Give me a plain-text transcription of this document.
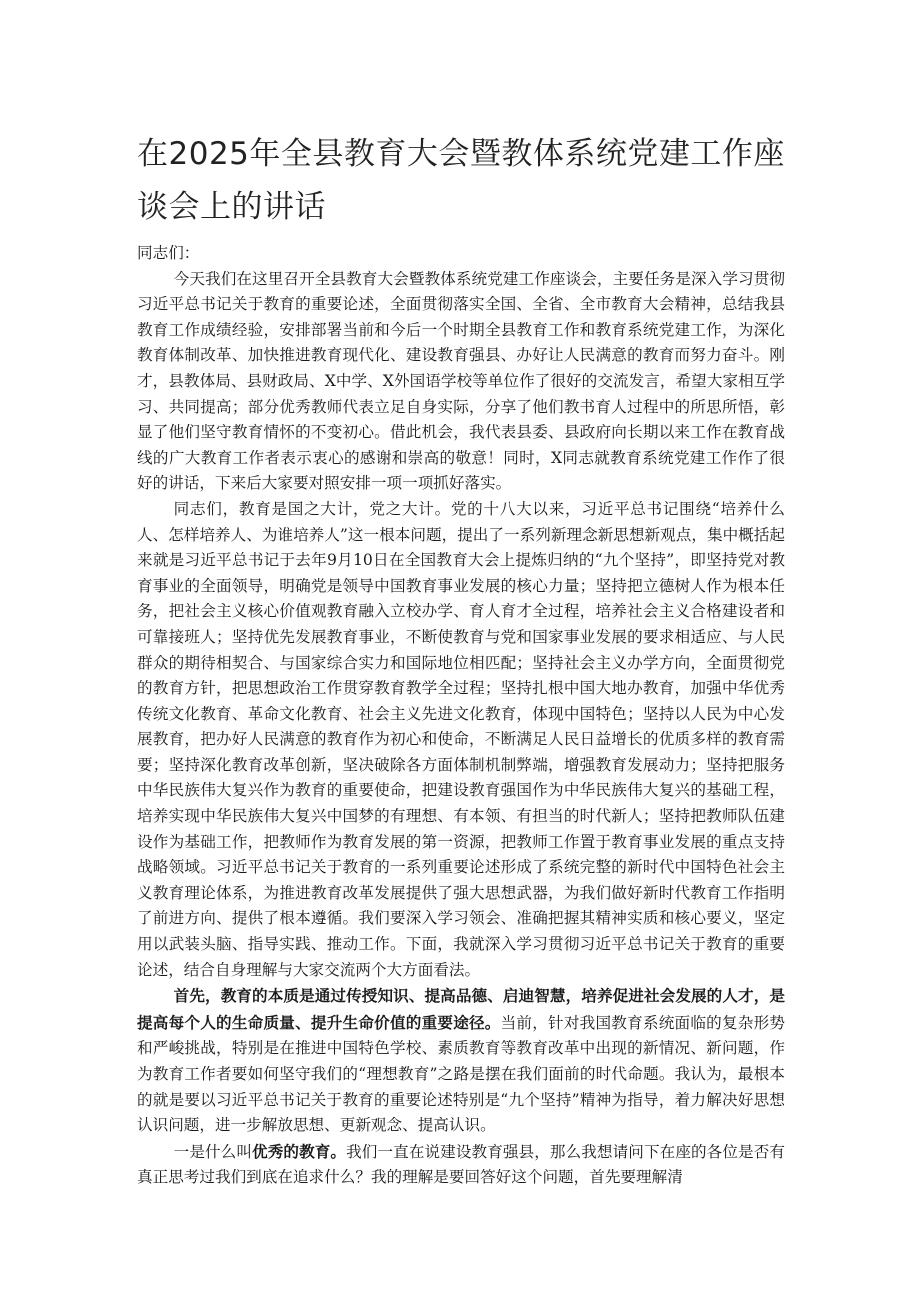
在2025年全县教育大会暨教体系统党建工作座谈会上的讲话

同志们：

今天我们在这里召开全县教育大会暨教体系统党建工作座谈会，主要任务是深入学习贯彻习近平总书记关于教育的重要论述，全面贯彻落实全国、全省、全市教育大会精神，总结我县教育工作成绩经验，安排部署当前和今后一个时期全县教育工作和教育系统党建工作，为深化教育体制改革、加快推进教育现代化、建设教育强县、办好让人民满意的教育而努力奋斗。刚才，县教体局、县财政局、X中学、X外国语学校等单位作了很好的交流发言，希望大家相互学习、共同提高；部分优秀教师代表立足自身实际，分享了他们教书育人过程中的所思所悟，彰显了他们坚守教育情怀的不变初心。借此机会，我代表县委、县政府向长期以来工作在教育战线的广大教育工作者表示衷心的感谢和崇高的敬意！同时，X同志就教育系统党建工作作了很好的讲话，下来后大家要对照安排一项一项抓好落实。

同志们，教育是国之大计，党之大计。党的十八大以来，习近平总书记围绕“培养什么人、怎样培养人、为谁培养人”这一根本问题，提出了一系列新理念新思想新观点，集中概括起来就是习近平总书记于去年9月10日在全国教育大会上提炼归纳的“九个坚持”，即坚持党对教育事业的全面领导，明确党是领导中国教育事业发展的核心力量；坚持把立德树人作为根本任务，把社会主义核心价值观教育融入立校办学、育人育才全过程，培养社会主义合格建设者和可靠接班人；坚持优先发展教育事业，不断使教育与党和国家事业发展的要求相适应、与人民群众的期待相契合、与国家综合实力和国际地位相匹配；坚持社会主义办学方向，全面贯彻党的教育方针，把思想政治工作贯穿教育教学全过程；坚持扎根中国大地办教育，加强中华优秀传统文化教育、革命文化教育、社会主义先进文化教育，体现中国特色；坚持以人民为中心发展教育，把办好人民满意的教育作为初心和使命，不断满足人民日益增长的优质多样的教育需要；坚持深化教育改革创新，坚决破除各方面体制机制弊端，增强教育发展动力；坚持把服务中华民族伟大复兴作为教育的重要使命，把建设教育强国作为中华民族伟大复兴的基础工程，培养实现中华民族伟大复兴中国梦的有理想、有本领、有担当的时代新人；坚持把教师队伍建设作为基础工作，把教师作为教育发展的第一资源，把教师工作置于教育事业发展的重点支持战略领域。习近平总书记关于教育的一系列重要论述形成了系统完整的新时代中国特色社会主义教育理论体系，为推进教育改革发展提供了强大思想武器，为我们做好新时代教育工作指明了前进方向、提供了根本遵循。我们要深入学习领会、准确把握其精神实质和核心要义，坚定用以武装头脑、指导实践、推动工作。下面，我就深入学习贯彻习近平总书记关于教育的重要论述，结合自身理解与大家交流两个大方面看法。

首先，教育的本质是通过传授知识、提高品德、启迪智慧，培养促进社会发展的人才，是提高每个人的生命质量、提升生命价值的重要途径。当前，针对我国教育系统面临的复杂形势和严峻挑战，特别是在推进中国特色学校、素质教育等教育改革中出现的新情况、新问题，作为教育工作者要如何坚守我们的“理想教育”之路是摆在我们面前的时代命题。我认为，最根本的就是要以习近平总书记关于教育的重要论述特别是“九个坚持”精神为指导，着力解决好思想认识问题，进一步解放思想、更新观念、提高认识。

一是什么叫优秀的教育。我们一直在说建设教育强县，那么我想请问下在座的各位是否有真正思考过我们到底在追求什么？我的理解是要回答好这个问题，首先要理解清
